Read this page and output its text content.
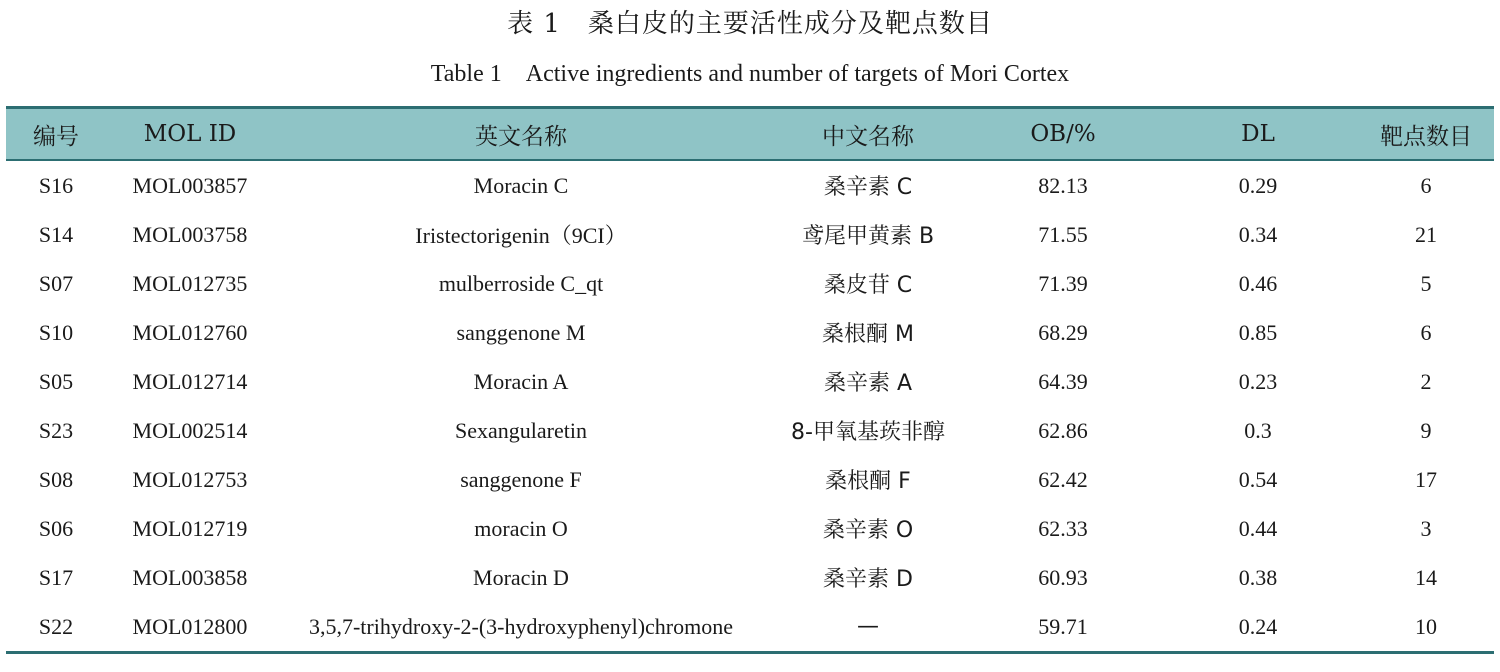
表 1　桑白皮的主要活性成分及靶点数目
Table 1　Active ingredients and number of targets of Mori Cortex
编号	MOL ID	英文名称	中文名称	OB/%	DL	靶点数目
S16	MOL003857	Moracin C	桑辛素 C	82.13	0.29	6
S14	MOL003758	Iristectorigenin（9CI）	鸢尾甲黄素 B	71.55	0.34	21
S07	MOL012735	mulberroside C_qt	桑皮苷 C	71.39	0.46	5
S10	MOL012760	sanggenone M	桑根酮 M	68.29	0.85	6
S05	MOL012714	Moracin A	桑辛素 A	64.39	0.23	2
S23	MOL002514	Sexangularetin	8-甲氧基莰非醇	62.86	0.3	9
S08	MOL012753	sanggenone F	桑根酮 F	62.42	0.54	17
S06	MOL012719	moracin O	桑辛素 O	62.33	0.44	3
S17	MOL003858	Moracin D	桑辛素 D	60.93	0.38	14
S22	MOL012800	3,5,7-trihydroxy-2-(3-hydroxyphenyl)chromone	—	59.71	0.24	10
